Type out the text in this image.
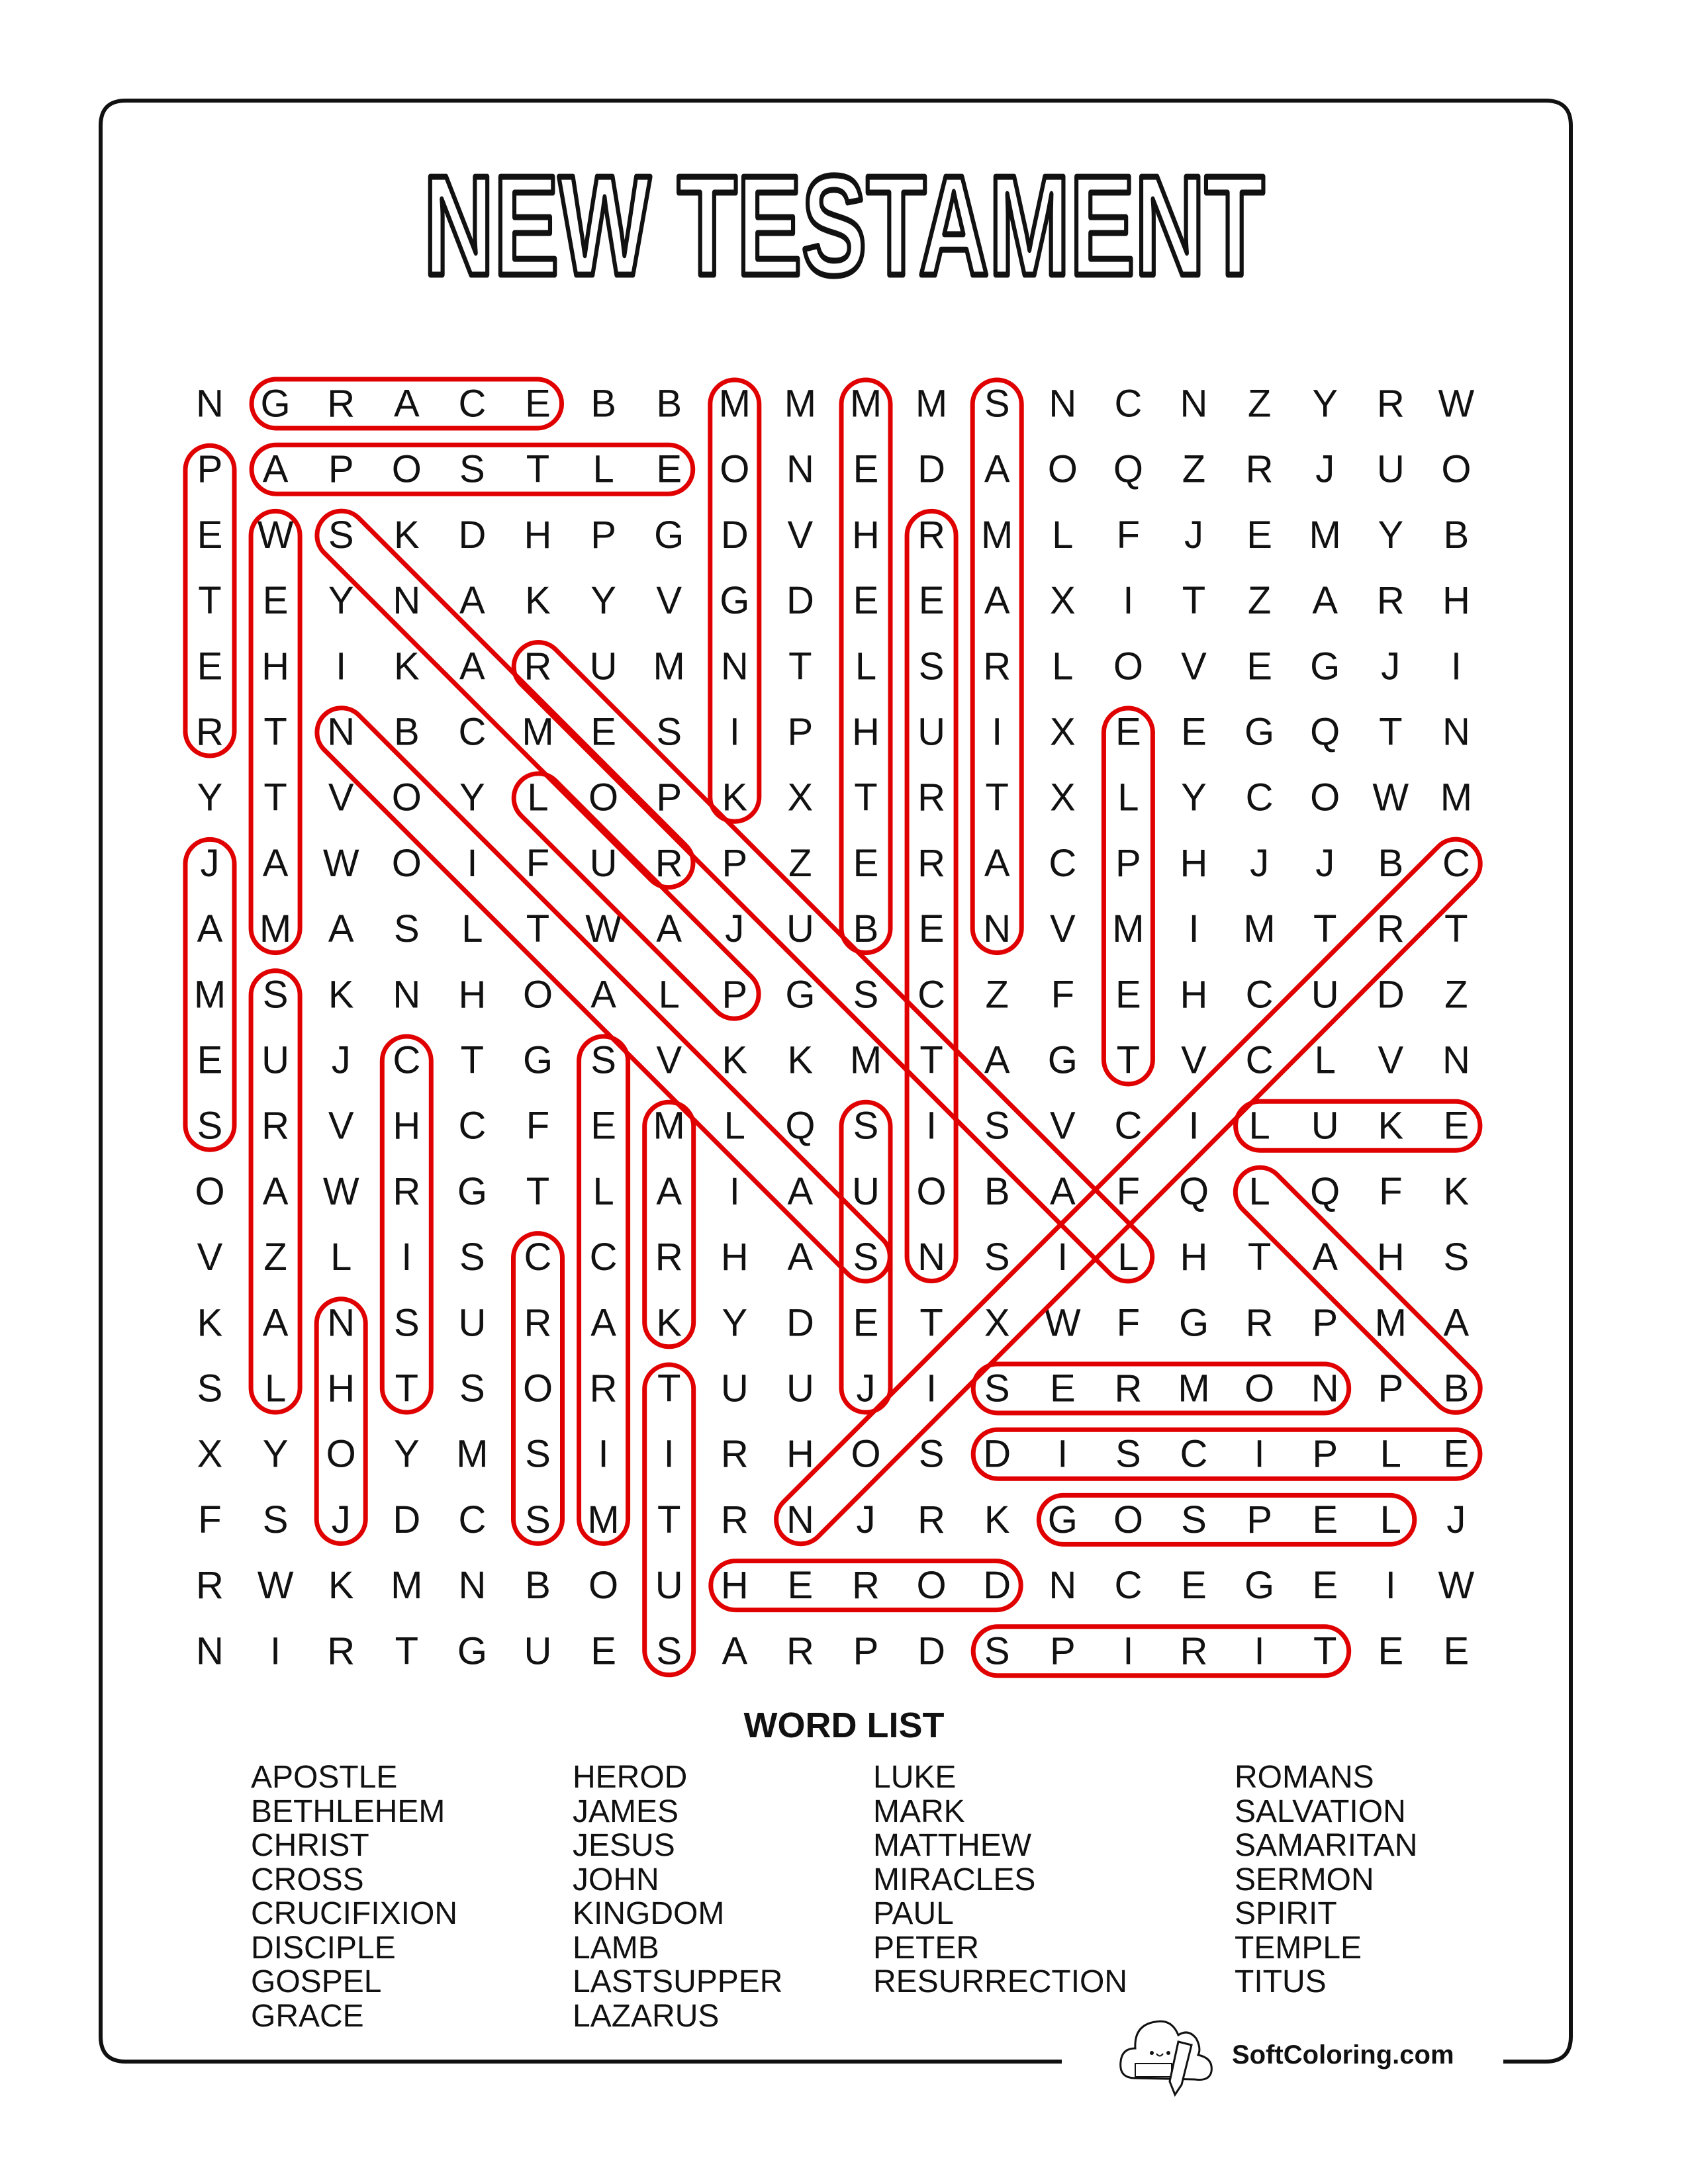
N G R A C E B B M M M M S N C N Z Y R W
P A P O S T L E O N E D A O Q Z R J U O
E W S K D H P G D V H R M L F J E M Y B
T E Y N A K Y V G D E E A X I T Z A R H
E H I K A R U M N T L S R L O V E G J I
R T N B C M E S I P H U I X E E G Q T N
Y T V O Y L O P K X T R T X L Y C O W M
J A W O I F U R P Z E R A C P H J J B C
A M A S L T W A J U B E N V M I M T R T
M S K N H O A L P G S C Z F E H C U D Z
E U J C T G S V K K M T A G T V C L V N
S R V H C F E M L Q S I S V C I L U K E
O A W R G T L A I A U O B A F Q L Q F K
V Z L I S C C R H A S N S I L H T A H S
K A N S U R A K Y D E T X W F G R P M A
S L H T S O R T U U J I S E R M O N P B
X Y O Y M S I I R H O S D I S C I P L E
F S J D C S M T R N J R K G O S P E L J
R W K M N B O U H E R O D N C E G E I W
N I R T G U E S A R P D S P I R I T E E
NEW TESTAMENT
WORD LIST
APOSTLE
BETHLEHEM
CHRIST
CROSS
CRUCIFIXION
DISCIPLE
GOSPEL
GRACE
HEROD
JAMES
JESUS
JOHN
KINGDOM
LAMB
LASTSUPPER
LAZARUS
LUKE
MARK
MATTHEW
MIRACLES
PAUL
PETER
RESURRECTION
ROMANS
SALVATION
SAMARITAN
SERMON
SPIRIT
TEMPLE
TITUS
SoftColoring.com
